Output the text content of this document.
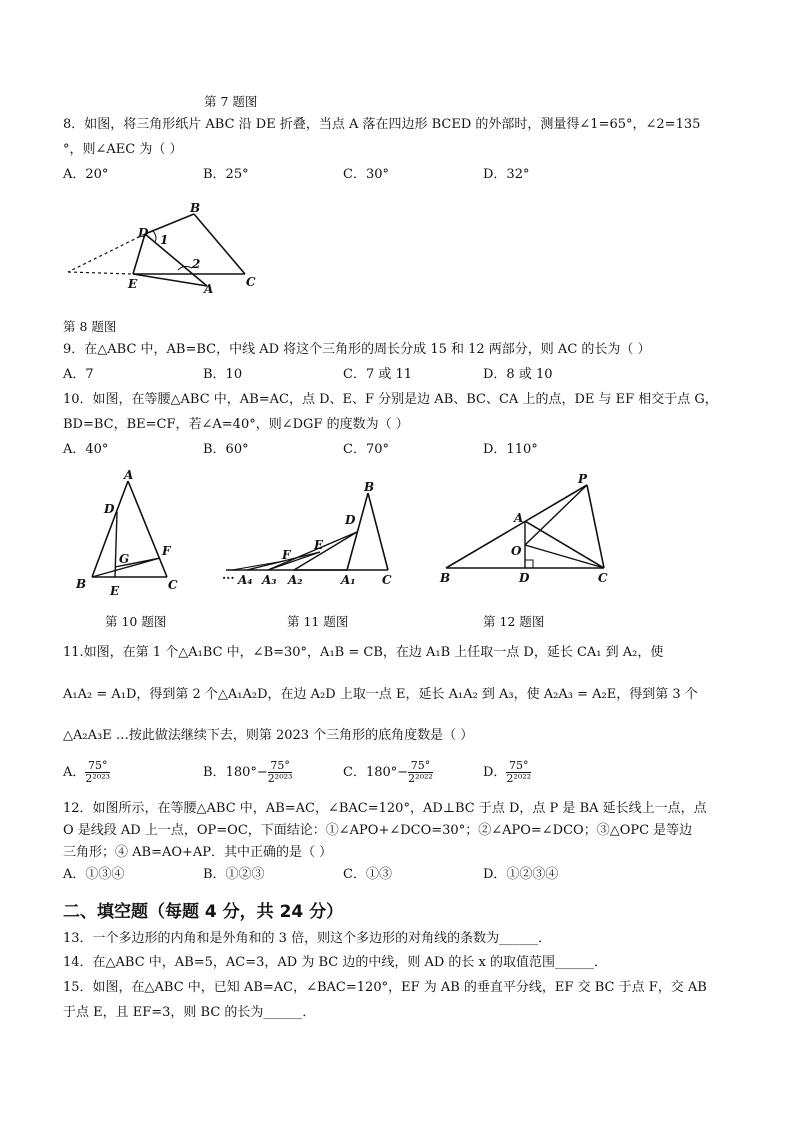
第 7 题图
8．如图，将三角形纸片 ABC 沿 DE 折叠，当点 A 落在四边形 BCED 的外部时，测量得∠1=65°，∠2=135
°，则∠AEC 为（ ）
A．20°	B．25°	C．30°	D．32°
B
D 1
2
E	A	C
第 8 题图
9．在△ABC 中，AB=BC，中线 AD 将这个三角形的周长分成 15 和 12 两部分，则 AC 的长为（ ）
A．7	B．10	C．7 或 11	D．8 或 10
10．如图，在等腰△ABC 中，AB=AC，点 D、E、F 分别是边 AB、BC、CA 上的点，DE 与 EF 相交于点 G，
BD=BC，BE=CF，若∠A=40°，则∠DGF 的度数为（ ）
A．40°	B．60°	C．70°	D．110°
A
D
G
F
B E	C
第 10 题图
B
D
E
F
··· A₄ A₃ A₂	A₁ C
第 11 题图
P
A
O
B	D	C
第 12 题图
11.如图，在第 1 个△A₁BC 中，∠B=30°，A₁B = CB，在边 A₁B 上任取一点 D，延长 CA₁ 到 A₂，使
A₁A₂ = A₁D，得到第 2 个△A₁A₂D，在边 A₂D 上取一点 E，延长 A₁A₂ 到 A₃，使 A₂A₃ = A₂E，得到第 3 个
△A₂A₃E …按此做法继续下去，则第 2023 个三角形的底角度数是（ ）
A． $\frac{75^\circ}{\text{2²⁰²³}}$	B．$180^\circ- \frac{75^\circ}{\text{2²⁰²³}}$	C．$180^\circ- \frac{75^\circ}{\text{2²⁰²²}}$	D． $\frac{75^\circ}{\text{2²⁰²²}}$
12．如图所示，在等腰△ABC 中，AB=AC，∠BAC=120°，AD⊥BC 于点 D，点 P 是 BA 延长线上一点，点
O 是线段 AD 上一点，OP=OC，下面结论：①∠APO+∠DCO=30°；②∠APO=∠DCO；③△OPC 是等边
三角形；④ AB=AO+AP．其中正确的是（ ）
A．①③④	B．①②③	C．①③	D．①②③④
二、填空题（每题 4 分，共 24 分）
13．一个多边形的内角和是外角和的 3 倍，则这个多边形的对角线的条数为______．
14．在△ABC 中，AB=5，AC=3，AD 为 BC 边的中线，则 AD 的长 x 的取值范围______．
15．如图，在△ABC 中，已知 AB=AC，∠BAC=120°，EF 为 AB 的垂直平分线，EF 交 BC 于点 F，交 AB
于点 E，且 EF=3，则 BC 的长为______．
